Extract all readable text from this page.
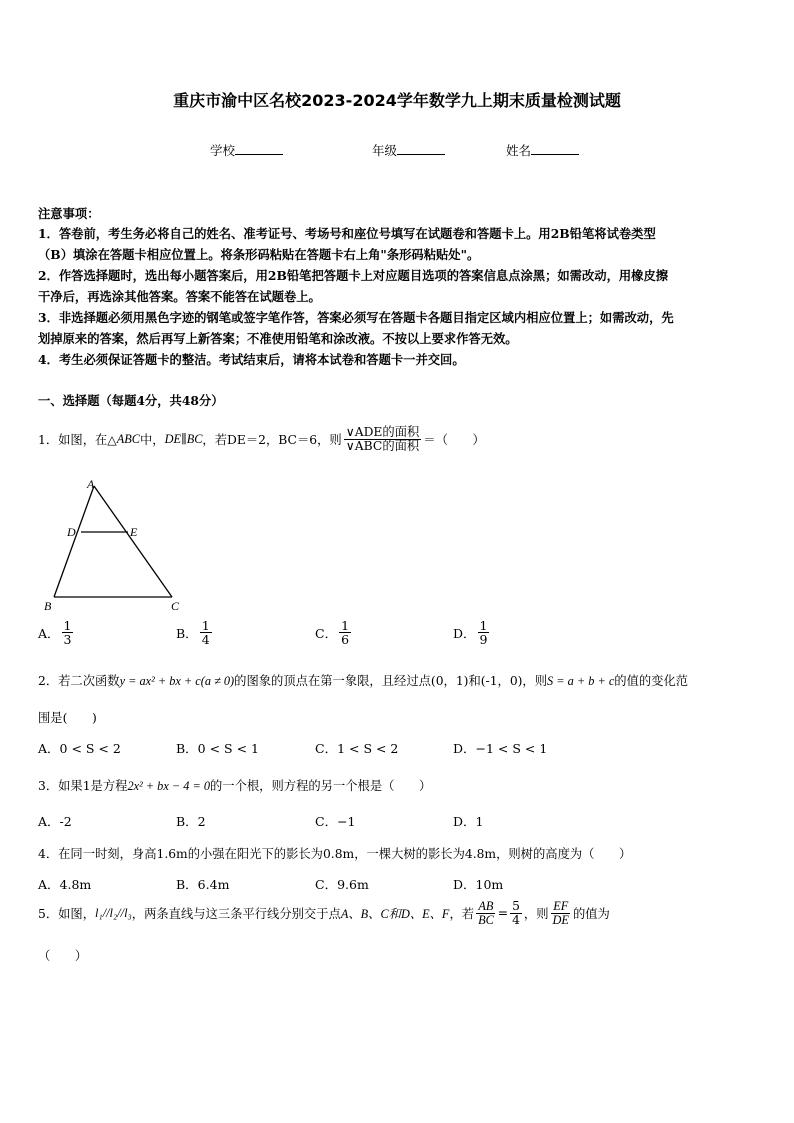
重庆市渝中区名校2023-2024学年数学九上期末质量检测试题
学校	年级	姓名
注意事项：
1．答卷前，考生务必将自己的姓名、准考证号、考场号和座位号填写在试题卷和答题卡上。用2B铅笔将试卷类型
（B）填涂在答题卡相应位置上。将条形码粘贴在答题卡右上角"条形码粘贴处"。
2．作答选择题时，选出每小题答案后，用2B铅笔把答题卡上对应题目选项的答案信息点涂黑；如需改动，用橡皮擦
干净后，再选涂其他答案。答案不能答在试题卷上。
3．非选择题必须用黑色字迹的钢笔或签字笔作答，答案必须写在答题卡各题目指定区域内相应位置上；如需改动，先
划掉原来的答案，然后再写上新答案；不准使用铅笔和涂改液。不按以上要求作答无效。
4．考生必须保证答题卡的整洁。考试结束后，请将本试卷和答题卡一并交回。
一、选择题（每题4分，共48分）
1．如图，在△ ABC 中， DE ∥ BC ，若 DE＝2，BC＝6，则 $\frac{\text{∨ADE的面积}}{\text{∨ABC的面积}}$ ＝（　　）
A
D	E
B	C
A． $\frac{1}{3}$	B． $\frac{1}{4}$	C． $\frac{1}{6}$	D． $\frac{1}{9}$
2．若二次函数y = ax² + bx + c(a ≠ 0)的图象的顶点在第一象限，且经过点(0，1)和(-1，0)，则S = a + b + c的值的变化范
围是(　　)
A．0 < S < 2	B．0 < S < 1	C．1 < S < 2	D．−1 < S < 1
3．如果1是方程2x² + bx − 4 = 0的一个根，则方程的另一个根是（　　）
A．-2	B．2	C．−1	D．1
4．在同一时刻，身高1.6m的小强在阳光下的影长为0.8m，一棵大树的影长为4.8m，则树的高度为（　　）
A．4.8m	B．6.4m	C．9.6m	D．10m
5．如图， l₁//l₂//l₃ ，两条直线与这三条平行线分别交于点 A、B、C和D、E、F ，若 $\frac{AB}{BC} = \frac{5}{4}$ ，则 $\frac{EF}{DE}$ 的值为
（　　）
